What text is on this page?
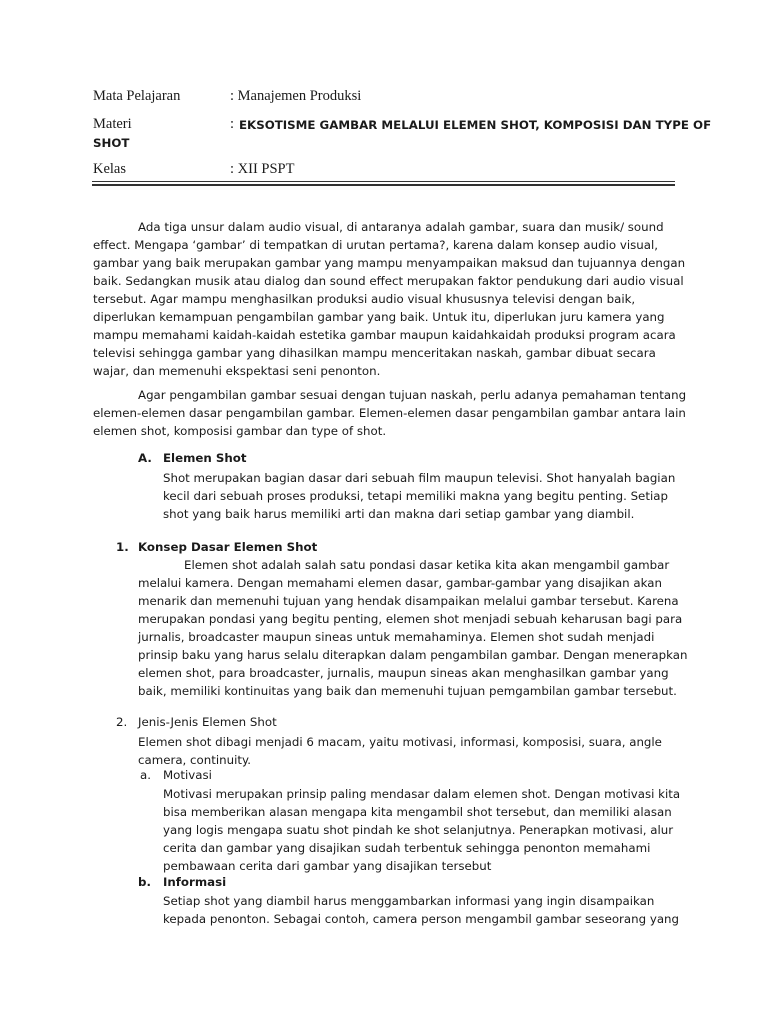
Mata Pelajaran	: Manajemen Produksi
Materi	: EKSOTISME GAMBAR MELALUI ELEMEN SHOT, KOMPOSISI DAN TYPE OF
SHOT
Kelas	: XII PSPT
Ada tiga unsur dalam audio visual, di antaranya adalah gambar, suara dan musik/ sound
effect. Mengapa ‘gambar’ di tempatkan di urutan pertama?, karena dalam konsep audio visual,
gambar yang baik merupakan gambar yang mampu menyampaikan maksud dan tujuannya dengan
baik. Sedangkan musik atau dialog dan sound effect merupakan faktor pendukung dari audio visual
tersebut. Agar mampu menghasilkan produksi audio visual khususnya televisi dengan baik,
diperlukan kemampuan pengambilan gambar yang baik. Untuk itu, diperlukan juru kamera yang
mampu memahami kaidah-kaidah estetika gambar maupun kaidahkaidah produksi program acara
televisi sehingga gambar yang dihasilkan mampu menceritakan naskah, gambar dibuat secara
wajar, dan memenuhi ekspektasi seni penonton.
Agar pengambilan gambar sesuai dengan tujuan naskah, perlu adanya pemahaman tentang
elemen-elemen dasar pengambilan gambar. Elemen-elemen dasar pengambilan gambar antara lain
elemen shot, komposisi gambar dan type of shot.
A. Elemen Shot
Shot merupakan bagian dasar dari sebuah film maupun televisi. Shot hanyalah bagian
kecil dari sebuah proses produksi, tetapi memiliki makna yang begitu penting. Setiap
shot yang baik harus memiliki arti dan makna dari setiap gambar yang diambil.
1. Konsep Dasar Elemen Shot
Elemen shot adalah salah satu pondasi dasar ketika kita akan mengambil gambar
melalui kamera. Dengan memahami elemen dasar, gambar-gambar yang disajikan akan
menarik dan memenuhi tujuan yang hendak disampaikan melalui gambar tersebut. Karena
merupakan pondasi yang begitu penting, elemen shot menjadi sebuah keharusan bagi para
jurnalis, broadcaster maupun sineas untuk memahaminya. Elemen shot sudah menjadi
prinsip baku yang harus selalu diterapkan dalam pengambilan gambar. Dengan menerapkan
elemen shot, para broadcaster, jurnalis, maupun sineas akan menghasilkan gambar yang
baik, memiliki kontinuitas yang baik dan memenuhi tujuan pemgambilan gambar tersebut.
2. Jenis-Jenis Elemen Shot
Elemen shot dibagi menjadi 6 macam, yaitu motivasi, informasi, komposisi, suara, angle
camera, continuity.
a. Motivasi
Motivasi merupakan prinsip paling mendasar dalam elemen shot. Dengan motivasi kita
bisa memberikan alasan mengapa kita mengambil shot tersebut, dan memiliki alasan
yang logis mengapa suatu shot pindah ke shot selanjutnya. Penerapkan motivasi, alur
cerita dan gambar yang disajikan sudah terbentuk sehingga penonton memahami
pembawaan cerita dari gambar yang disajikan tersebut
b. Informasi
Setiap shot yang diambil harus menggambarkan informasi yang ingin disampaikan
kepada penonton. Sebagai contoh, camera person mengambil gambar seseorang yang
